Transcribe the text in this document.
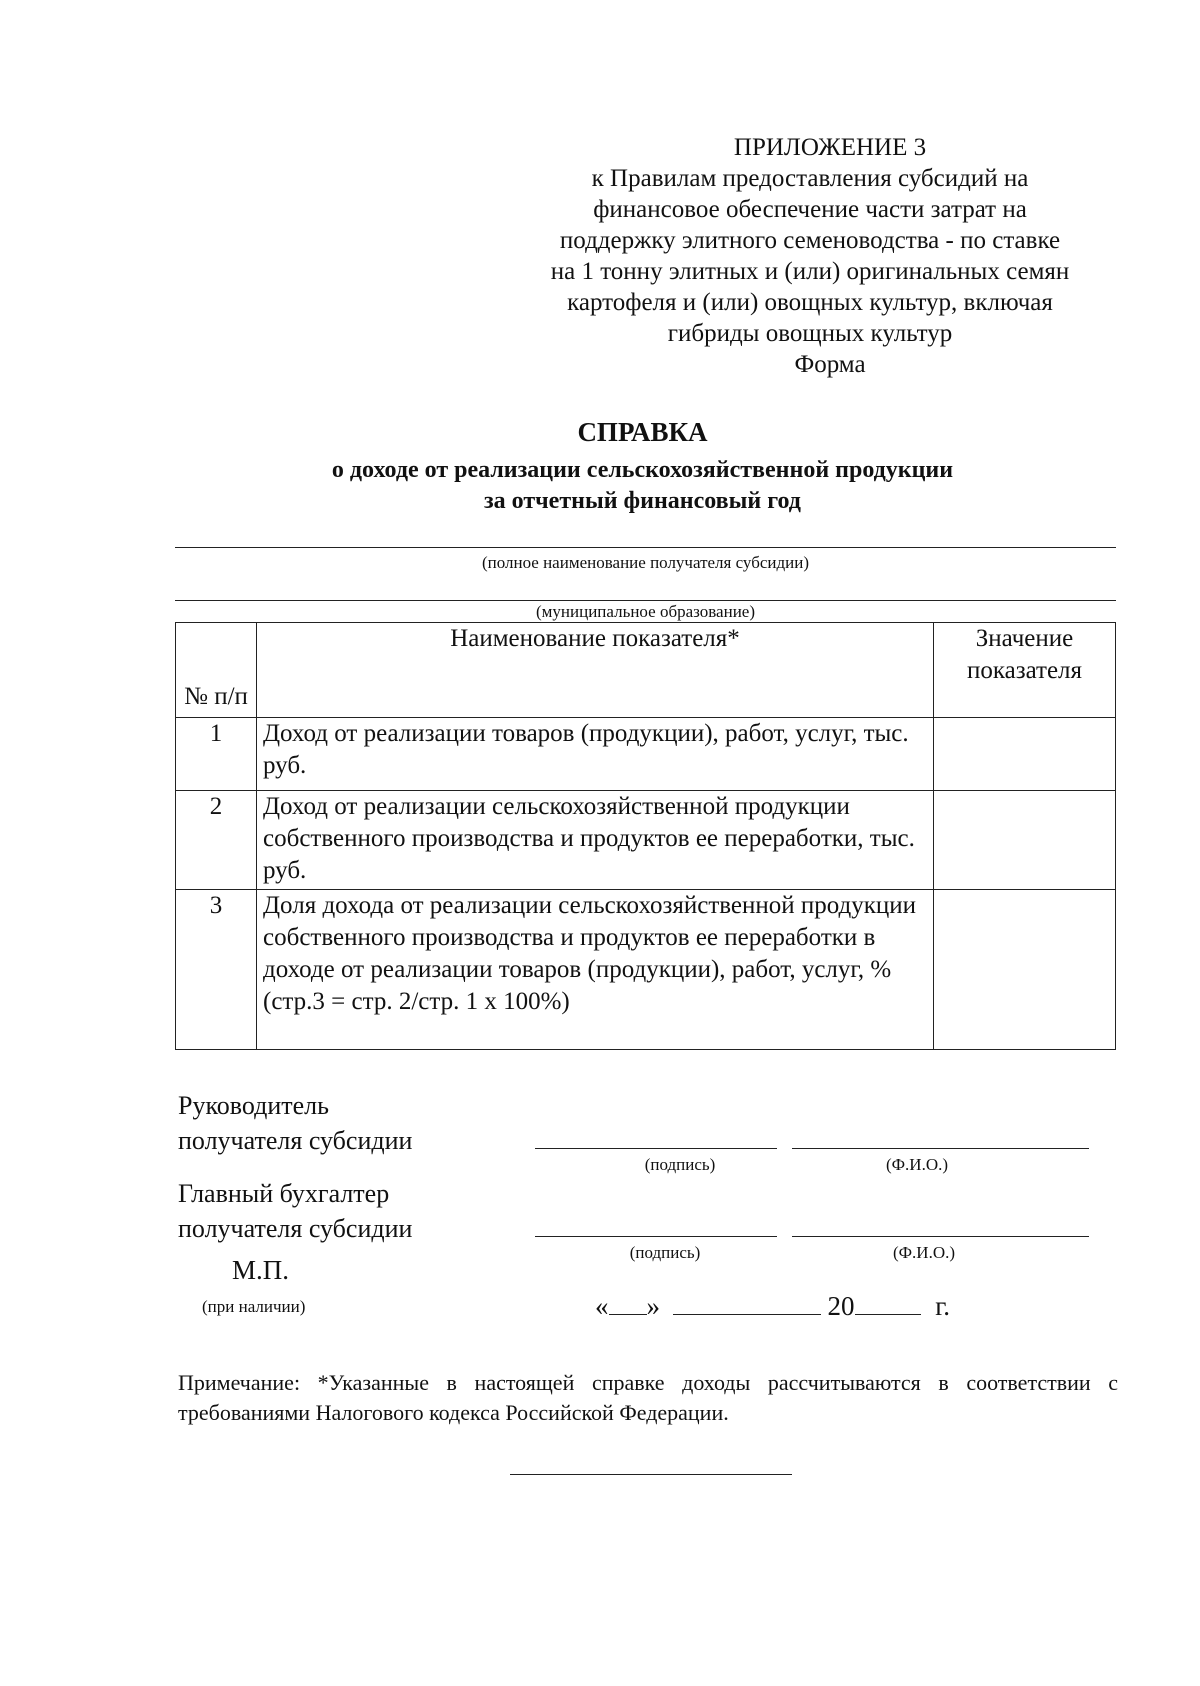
ПРИЛОЖЕНИЕ 3
к Правилам предоставления субсидий на
финансовое обеспечение части затрат на
поддержку элитного семеноводства - по ставке
на 1 тонну элитных и (или) оригинальных семян
картофеля и (или) овощных культур, включая
гибриды овощных культур
Форма
СПРАВКА
о доходе от реализации сельскохозяйственной продукции
за отчетный финансовый год
(полное наименование получателя субсидии)
(муниципальное образование)
№ п/п	Наименование показателя*	Значение показателя
1	Доход от реализации товаров (продукции), работ, услуг, тыс. руб.	
2	Доход от реализации сельскохозяйственной продукции собственного производства и продуктов ее переработки, тыс. руб.	
3	Доля дохода от реализации сельскохозяйственной продукции собственного производства и продуктов ее переработки в доходе от реализации товаров (продукции), работ, услуг, % (стр.3 = стр. 2/стр. 1 х 100%)	
Руководитель
получателя субсидии
(подпись)	(Ф.И.О.)
Главный бухгалтер
получателя субсидии
(подпись)	(Ф.И.О.)
М.П.
(при наличии)	« »	20	г.
Примечание: *Указанные в настоящей справке доходы рассчитываются в соответствии с
требованиями Налогового кодекса Российской Федерации.
